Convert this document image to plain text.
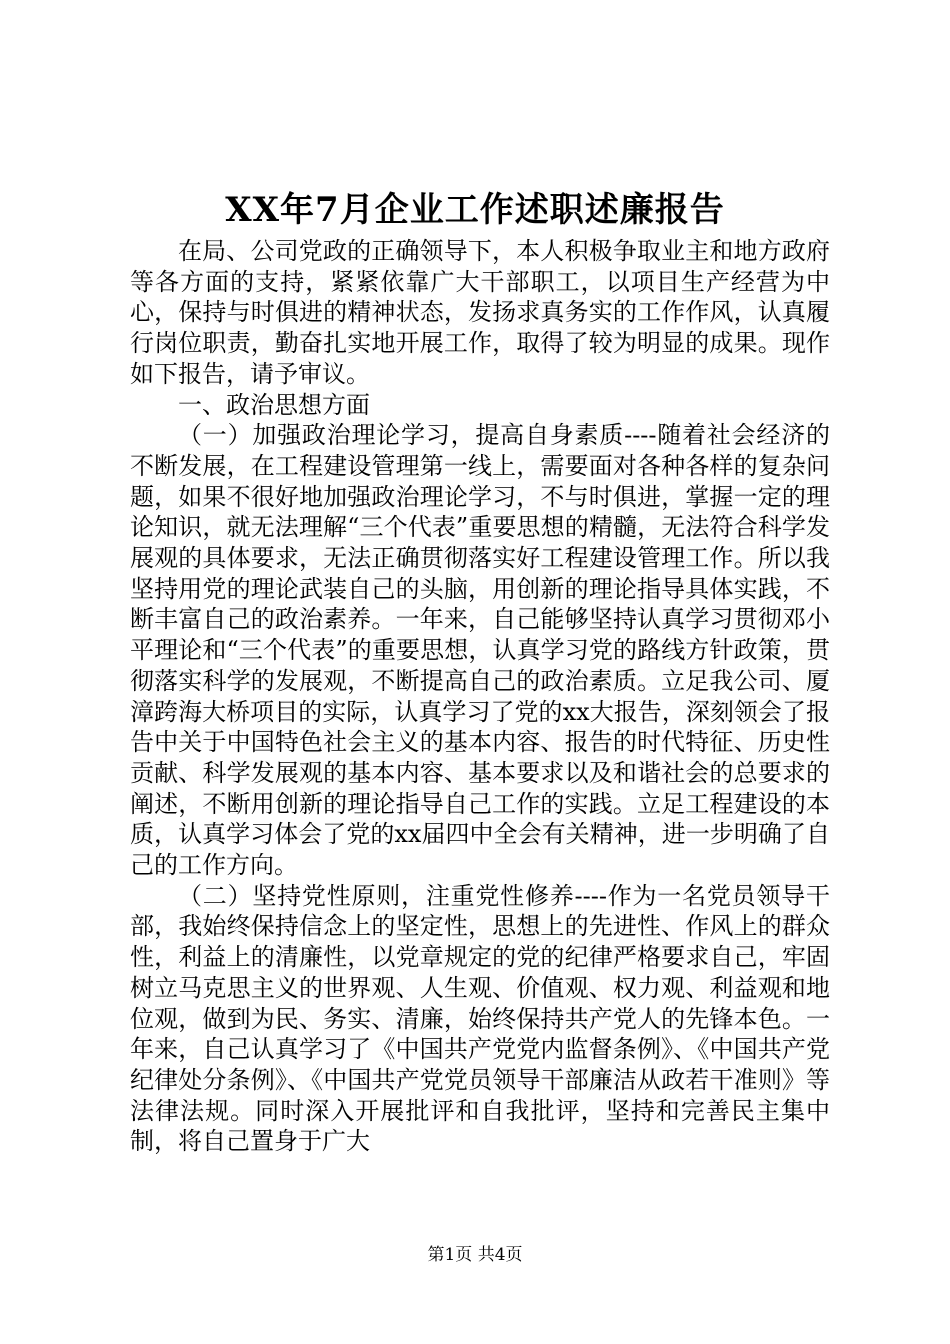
XX年7月企业工作述职述廉报告

在局、公司党政的正确领导下，本人积极争取业主和地方政府等各方面的支持，紧紧依靠广大干部职工，以项目生产经营为中心，保持与时俱进的精神状态，发扬求真务实的工作作风，认真履行岗位职责，勤奋扎实地开展工作，取得了较为明显的成果。现作如下报告，请予审议。

一、政治思想方面

（一）加强政治理论学习，提高自身素质----随着社会经济的不断发展，在工程建设管理第一线上，需要面对各种各样的复杂问题，如果不很好地加强政治理论学习，不与时俱进，掌握一定的理论知识，就无法理解“三个代表”重要思想的精髓，无法符合科学发展观的具体要求，无法正确贯彻落实好工程建设管理工作。所以我坚持用党的理论武装自己的头脑，用创新的理论指导具体实践，不断丰富自己的政治素养。一年来，自己能够坚持认真学习贯彻邓小平理论和“三个代表”的重要思想，认真学习党的路线方针政策，贯彻落实科学的发展观，不断提高自己的政治素质。立足我公司、厦漳跨海大桥项目的实际，认真学习了党的xx大报告，深刻领会了报告中关于中国特色社会主义的基本内容、报告的时代特征、历史性贡献、科学发展观的基本内容、基本要求以及和谐社会的总要求的阐述，不断用创新的理论指导自己工作的实践。立足工程建设的本质，认真学习体会了党的xx届四中全会有关精神，进一步明确了自己的工作方向。

（二）坚持党性原则，注重党性修养----作为一名党员领导干部，我始终保持信念上的坚定性，思想上的先进性、作风上的群众性，利益上的清廉性，以党章规定的党的纪律严格要求自己，牢固树立马克思主义的世界观、人生观、价值观、权力观、利益观和地位观，做到为民、务实、清廉，始终保持共产党人的先锋本色。一年来，自己认真学习了《中国共产党党内监督条例》、《中国共产党纪律处分条例》、《中国共产党党员领导干部廉洁从政若干准则》等法律法规。同时深入开展批评和自我批评，坚持和完善民主集中制，将自己置身于广大

第1页 共4页
